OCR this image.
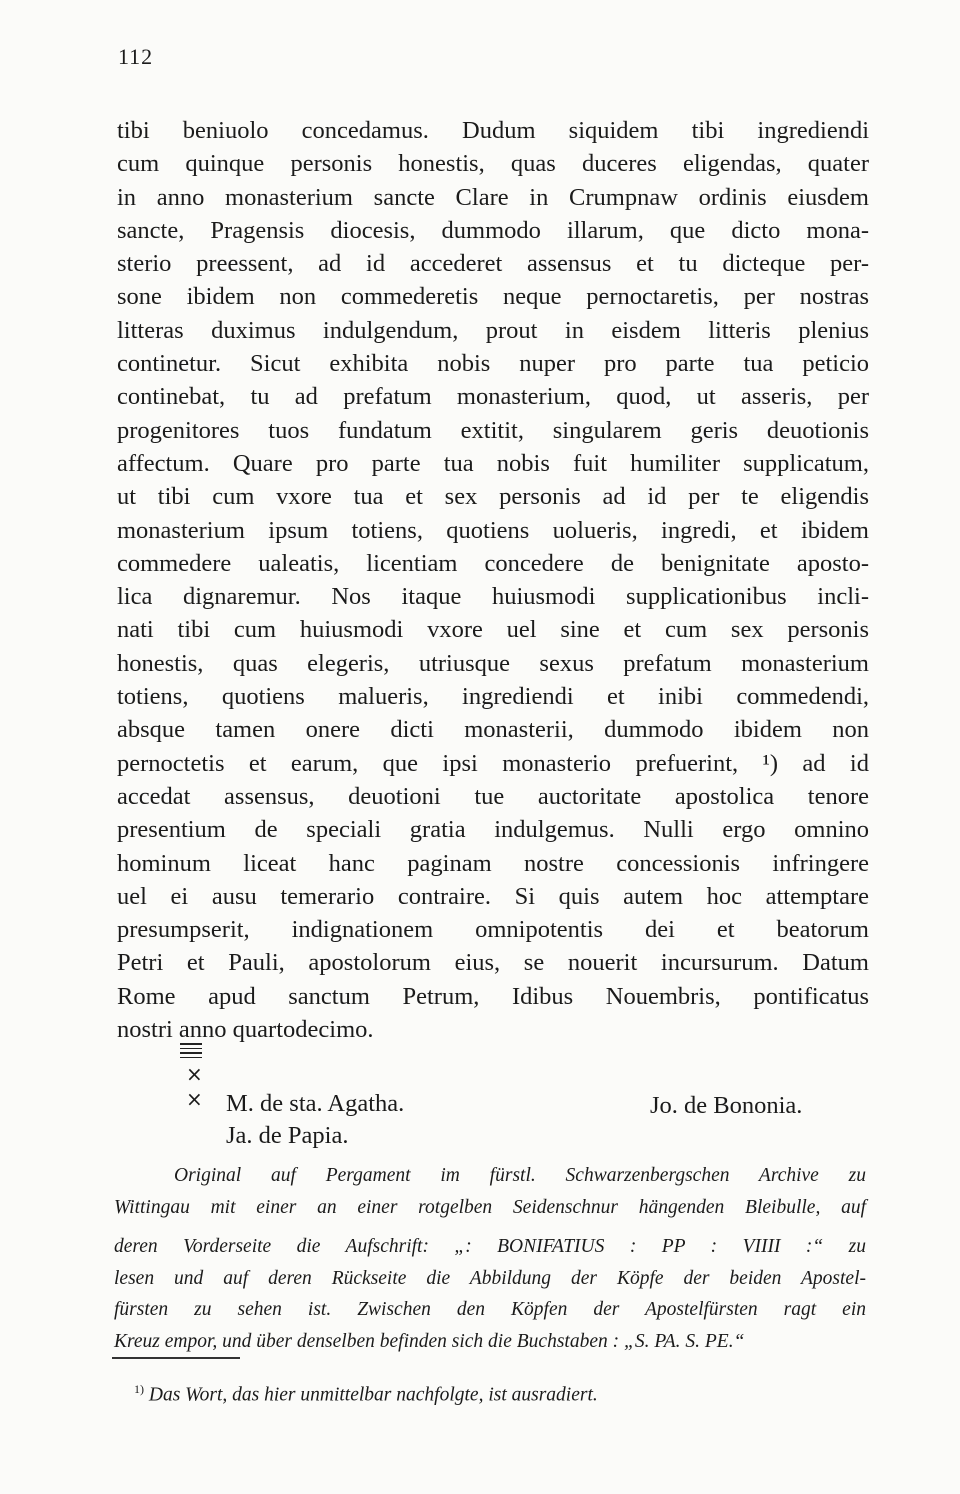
112
tibi beniuolo concedamus. Dudum siquidem tibi ingrediendi
cum quinque personis honestis, quas duceres eligendas, quater
in anno monasterium sancte Clare in Crumpnaw ordinis eiusdem
sancte, Pragensis diocesis, dummodo illarum, que dicto mona-
sterio preessent, ad id accederet assensus et tu dicteque per-
sone ibidem non commederetis neque pernoctaretis, per nostras
litteras duximus indulgendum, prout in eisdem litteris plenius
continetur. Sicut exhibita nobis nuper pro parte tua peticio
continebat, tu ad prefatum monasterium, quod, ut asseris, per
progenitores tuos fundatum extitit, singularem geris deuotionis
affectum. Quare pro parte tua nobis fuit humiliter supplicatum,
ut tibi cum vxore tua et sex personis ad id per te eligendis
monasterium ipsum totiens, quotiens uolueris, ingredi, et ibidem
commedere ualeatis, licentiam concedere de benignitate aposto-
lica dignaremur. Nos itaque huiusmodi supplicationibus incli-
nati tibi cum huiusmodi vxore uel sine et cum sex personis
honestis, quas elegeris, utriusque sexus prefatum monasterium
totiens, quotiens malueris, ingrediendi et inibi commedendi,
absque tamen onere dicti monasterii, dummodo ibidem non
pernoctetis et earum, que ipsi monasterio prefuerint, ¹) ad id
accedat assensus, deuotioni tue auctoritate apostolica tenore
presentium de speciali gratia indulgemus. Nulli ergo omnino
hominum liceat hanc paginam nostre concessionis infringere
uel ei ausu temerario contraire. Si quis autem hoc attemptare
presumpserit, indignationem omnipotentis dei et beatorum
Petri et Pauli, apostolorum eius, se nouerit incursurum. Datum
Rome apud sanctum Petrum, Idibus Nouembris, pontificatus
nostri anno quartodecimo.
×
× M. de sta. Agatha.
Ja. de Papia.
Jo. de Bononia.
Original auf Pergament im fürstl. Schwarzenbergschen Archive zu
Wittingau mit einer an einer rotgelben Seidenschnur hängenden Bleibulle, auf
deren Vorderseite die Aufschrift: „: BONIFATIUS : PP : VIIII :“ zu
lesen und auf deren Rückseite die Abbildung der Köpfe der beiden Apostel-
fürsten zu sehen ist. Zwischen den Köpfen der Apostelfürsten ragt ein
Kreuz empor, und über denselben befinden sich die Buchstaben : „S. PA. S. PE.“
$^{1)}$ Das Wort, das hier unmittelbar nachfolgte, ist ausradiert.
